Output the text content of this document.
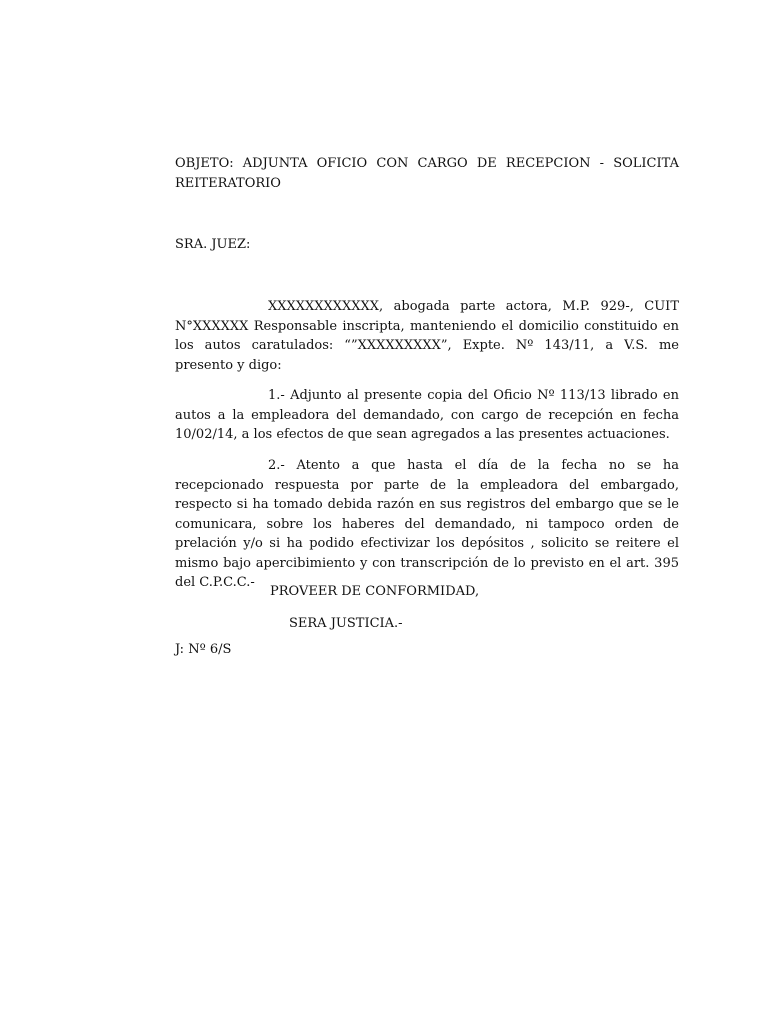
OBJETO: ADJUNTA OFICIO CON CARGO DE RECEPCION - SOLICITA REITERATORIO
SRA. JUEZ:
XXXXXXXXXXXX, abogada parte actora, M.P. 929-, CUIT N°XXXXXX Responsable inscripta, manteniendo el domicilio constituido en los autos caratulados: “”XXXXXXXXX”, Expte. Nº 143/11, a V.S. me presento y digo:
1.- Adjunto al presente copia del Oficio Nº 113/13 librado en autos a la empleadora del demandado, con cargo de recepción en fecha 10/02/14, a los efectos de que sean agregados a las presentes actuaciones.
2.- Atento a que hasta el día de la fecha no se ha recepcionado respuesta por parte de la empleadora del embargado, respecto si ha tomado debida razón en sus registros del embargo que se le comunicara, sobre los haberes del demandado, ni tampoco orden de prelación y/o si ha podido efectivizar los depósitos , solicito se reitere el mismo bajo apercibimiento y con transcripción de lo previsto en el art. 395 del C.P.C.C.-
PROVEER DE CONFORMIDAD,
SERA JUSTICIA.-
J: Nº 6/S
